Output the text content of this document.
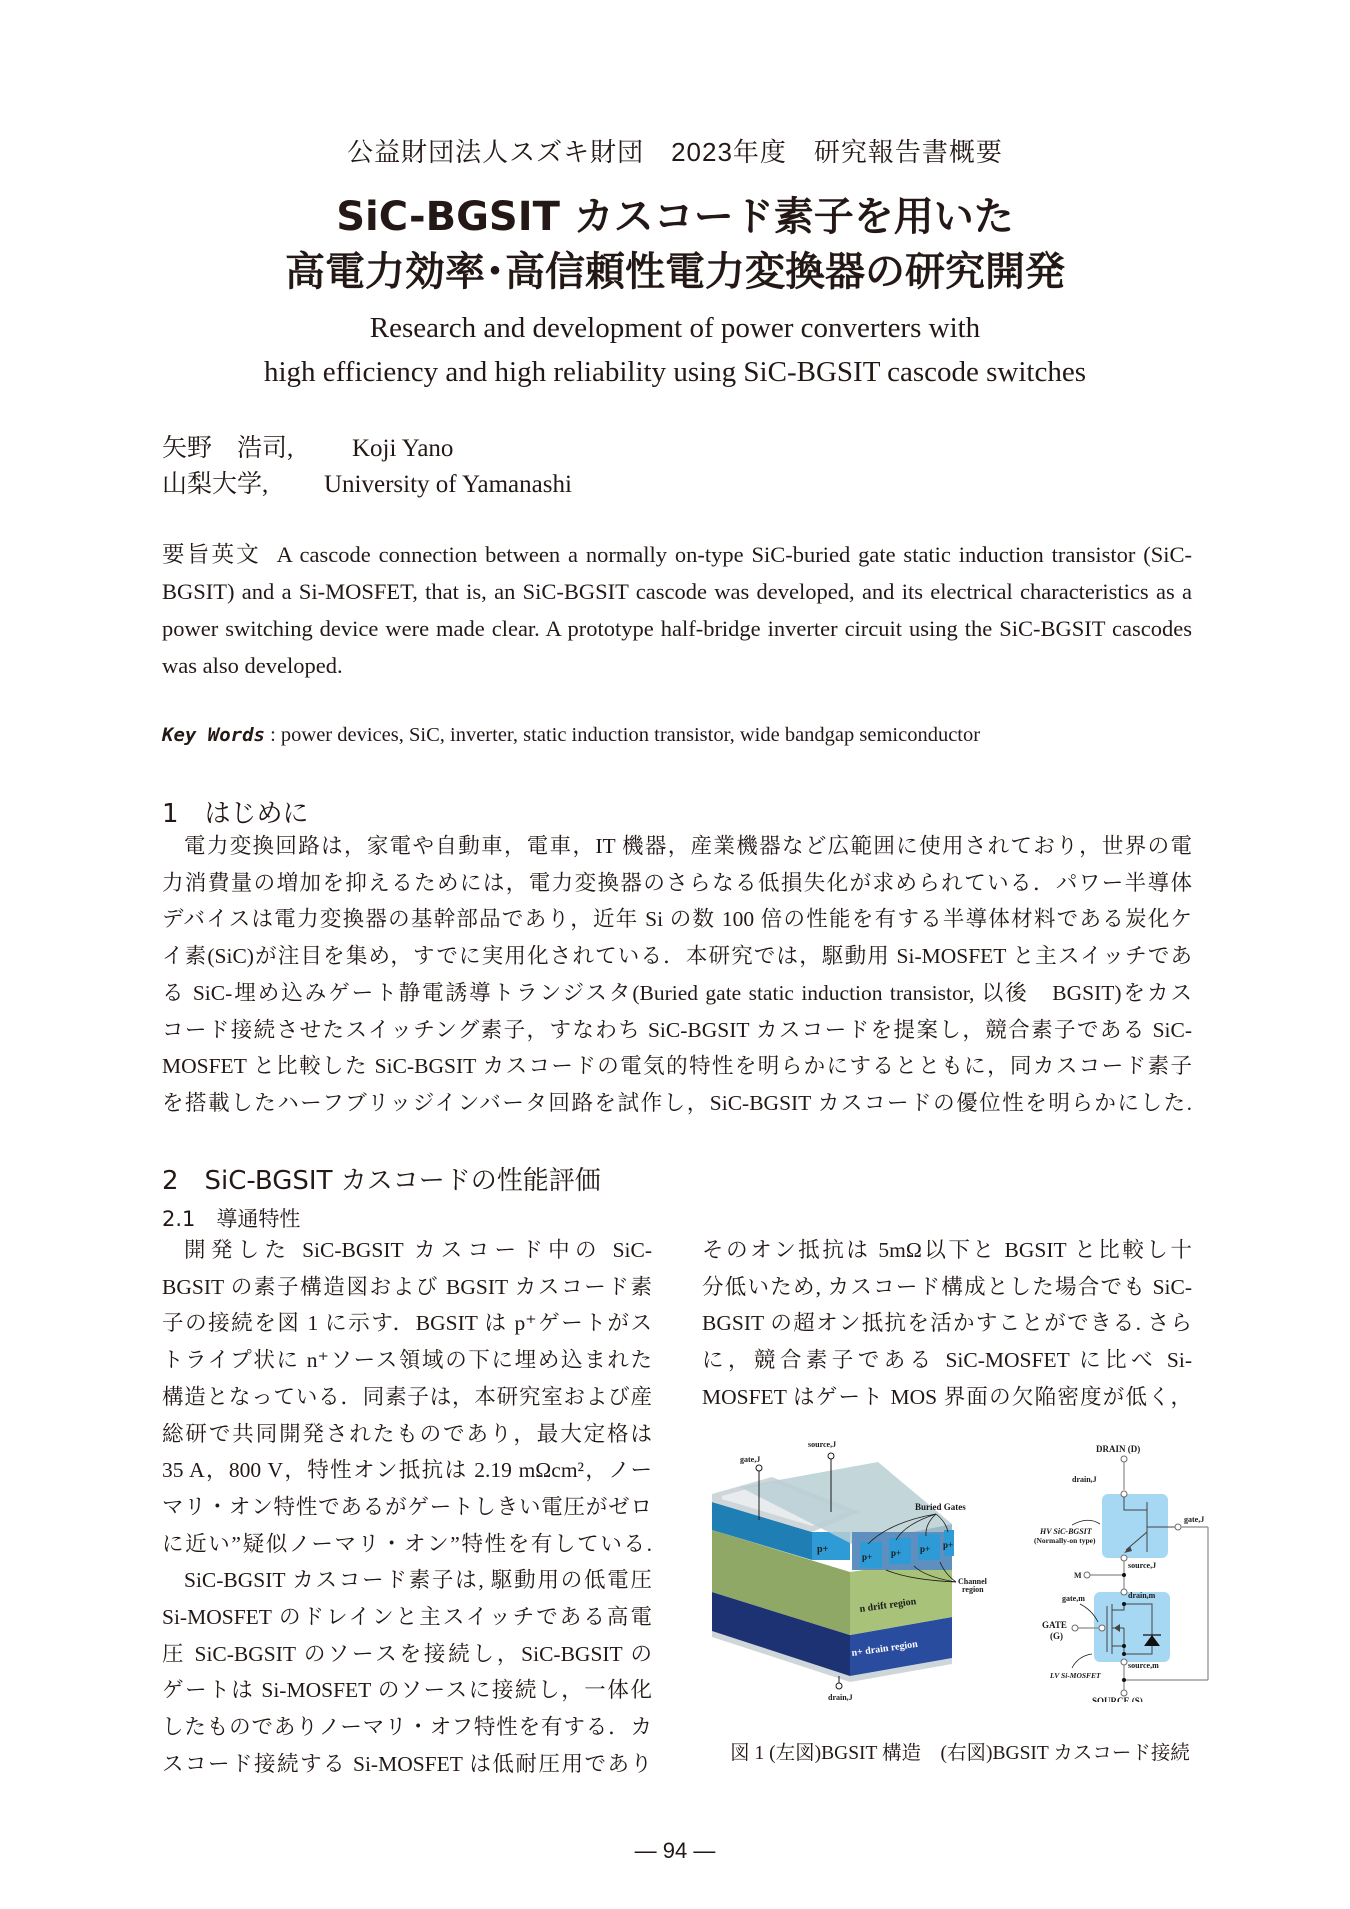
公益財団法人スズキ財団　2023年度　研究報告書概要
SiC-BGSIT カスコード素子を用いた
高電力効率･高信頼性電力変換器の研究開発
Research and development of power converters with
high efficiency and high reliability using SiC-BGSIT cascode switches
矢野　浩司, Koji Yano
山梨大学, University of Yamanashi
要旨英文 A cascode connection between a normally on-type SiC-buried gate static induction transistor (SiC-BGSIT) and a Si-MOSFET, that is, an SiC-BGSIT cascode was developed, and its electrical characteristics as a power switching device were made clear. A prototype half-bridge inverter circuit using the SiC-BGSIT cascodes was also developed.
Key Words : power devices, SiC, inverter, static induction transistor, wide bandgap semiconductor
1　はじめに
電力変換回路は，家電や自動車，電車，IT 機器，産業機器など広範囲に使用されており，世界の電
力消費量の増加を抑えるためには，電力変換器のさらなる低損失化が求められている．パワー半導体
デバイスは電力変換器の基幹部品であり，近年 Si の数 100 倍の性能を有する半導体材料である炭化ケ
イ素(SiC)が注目を集め，すでに実用化されている．本研究では，駆動用 Si-MOSFET と主スイッチであ
る SiC-埋め込みゲート静電誘導トランジスタ(Buried gate static induction transistor, 以後　BGSIT)をカス
コード接続させたスイッチング素子，すなわち SiC-BGSIT カスコードを提案し，競合素子である SiC-
MOSFET と比較した SiC-BGSIT カスコードの電気的特性を明らかにするとともに，同カスコード素子
を搭載したハーフブリッジインバータ回路を試作し，SiC-BGSIT カスコードの優位性を明らかにした.
2　SiC-BGSIT カスコードの性能評価
2.1　導通特性
開発した SiC-BGSIT カスコード中の SiC-
BGSIT の素子構造図および BGSIT カスコード素
子の接続を図 1 に示す．BGSIT は p⁺ゲートがス
トライプ状に n⁺ソース領域の下に埋め込まれた
構造となっている．同素子は，本研究室および産
総研で共同開発されたものであり，最大定格は
35 A，800 V，特性オン抵抗は 2.19 mΩcm²，ノー
マリ・オン特性であるがゲートしきい電圧がゼロ
に近い”疑似ノーマリ・オン”特性を有している.
SiC-BGSIT カスコード素子は, 駆動用の低電圧
Si-MOSFET のドレインと主スイッチである高電
圧 SiC-BGSIT のソースを接続し，SiC-BGSIT の
ゲートは Si-MOSFET のソースに接続し，一体化
したものでありノーマリ・オフ特性を有する．カ
スコード接続する Si-MOSFET は低耐圧用であり
そのオン抵抗は 5mΩ以下と BGSIT と比較し十
分低いため, カスコード構成とした場合でも SiC-
BGSIT の超オン抵抗を活かすことができる. さら
に，競合素子である SiC-MOSFET に比べ Si-
MOSFET はゲート MOS 界面の欠陥密度が低く，
p+
p+ p+ p+ p+
n drift region
n+ drain region
gate,J
source,J
drain,J
Buried Gates
Channel
region
DRAIN (D)
drain,J
gate,J
HV SiC-BGSIT
(Normally-on type)
source,J
M
drain,m
gate,m
GATE
(G)
source,m
LV Si-MOSFET
SOURCE (S)
図 1 (左図)BGSIT 構造　(右図)BGSIT カスコード接続
― 94 ―
